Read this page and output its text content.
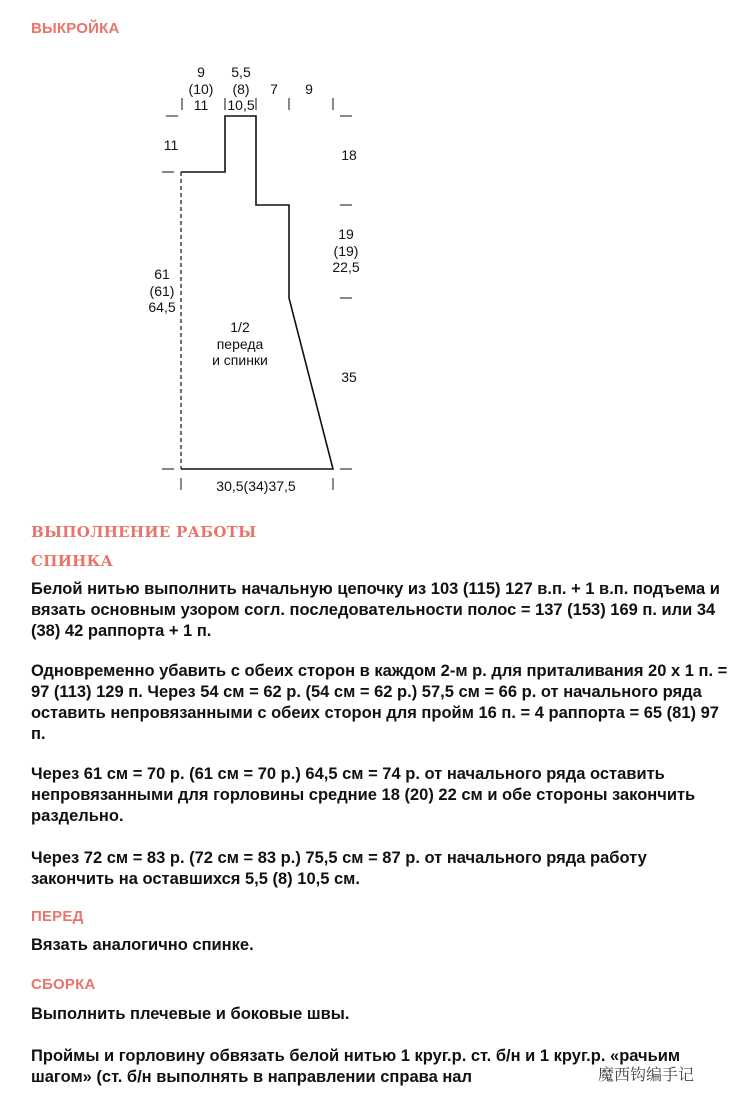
ВЫКРОЙКА
9
(10)
11
5,5
(8)
10,5
7	9
11
61
(61)
64,5
18
19
(19)
22,5
35
1/2
переда
и спинки
30,5(34)37,5
ВЫПОЛНЕНИЕ РАБОТЫ
СПИНКА
Белой нитью выполнить начальную цепочку из 103 (115) 127 в.п. + 1 в.п. подъема и вязать основным узором согл. последовательности полос = 137 (153) 169 п. или 34 (38) 42 раппорта + 1 п.
Одновременно убавить с обеих сторон в каждом 2-м р. для приталивания 20 х 1 п. = 97 (113) 129 п. Через 54 см = 62 р. (54 см = 62 р.) 57,5 см = 66 р. от начального ряда оставить непровязанными с обеих сторон для пройм 16 п. = 4 раппорта = 65 (81) 97 п.
Через 61 см = 70 р. (61 см = 70 р.) 64,5 см = 74 р. от начального ряда оставить непровязанными для горловины средние 18 (20) 22 см и обе стороны закончить раздельно.
Через 72 см = 83 р. (72 см = 83 р.) 75,5 см = 87 р. от начального ряда работу закончить на оставшихся 5,5 (8) 10,5 см.
ПЕРЕД
Вязать аналогично спинке.
СБОРКА
Выполнить плечевые и боковые швы.
Проймы и горловину обвязать белой нитью 1 круг.р. ст. б/н и 1 круг.р. «рачьим шагом» (ст. б/н выполнять в направлении справа нал	魔西钩编手记
